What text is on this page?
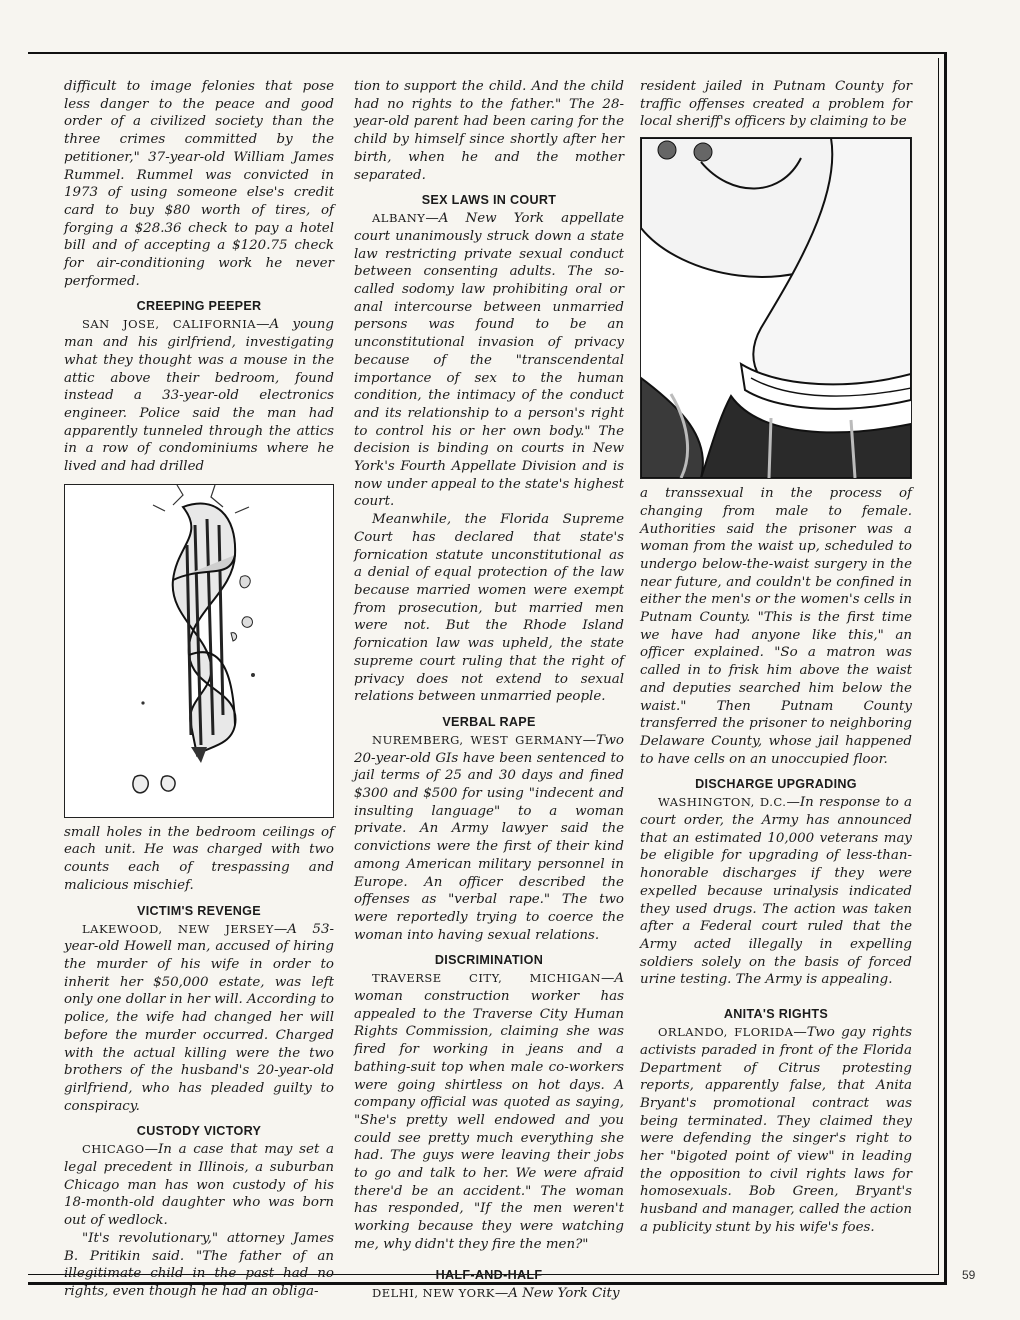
59

difficult to image felonies that pose less danger to the peace and good order of a civilized society than the three crimes committed by the petitioner," 37-year-old William James Rummel. Rummel was convicted in 1973 of using someone else's credit card to buy $80 worth of tires, of forging a $28.36 check to pay a hotel bill and of accepting a $120.75 check for air-conditioning work he never performed.

CREEPING PEEPER

SAN JOSE, CALIFORNIA—A young man and his girlfriend, investigating what they thought was a mouse in the attic above their bedroom, found instead a 33-year-old electronics engineer. Police said the man had apparently tunneled through the attics in a row of condominiums where he lived and had drilled

small holes in the bedroom ceilings of each unit. He was charged with two counts each of trespassing and malicious mischief.

VICTIM'S REVENGE

LAKEWOOD, NEW JERSEY—A 53-year-old Howell man, accused of hiring the murder of his wife in order to inherit her $50,000 estate, was left only one dollar in her will. According to police, the wife had changed her will before the murder occurred. Charged with the actual killing were the two brothers of the husband's 20-year-old girlfriend, who has pleaded guilty to conspiracy.

CUSTODY VICTORY

CHICAGO—In a case that may set a legal precedent in Illinois, a suburban Chicago man has won custody of his 18-month-old daughter who was born out of wedlock.

"It's revolutionary," attorney James B. Pritikin said. "The father of an illegitimate child in the past had no rights, even though he had an obliga-

tion to support the child. And the child had no rights to the father." The 28-year-old parent had been caring for the child by himself since shortly after her birth, when he and the mother separated.

SEX LAWS IN COURT

ALBANY—A New York appellate court unanimously struck down a state law restricting private sexual conduct between consenting adults. The so-called sodomy law prohibiting oral or anal intercourse between unmarried persons was found to be an unconstitutional invasion of privacy because of the "transcendental importance of sex to the human condition, the intimacy of the conduct and its relationship to a person's right to control his or her own body." The decision is binding on courts in New York's Fourth Appellate Division and is now under appeal to the state's highest court.

Meanwhile, the Florida Supreme Court has declared that state's fornication statute unconstitutional as a denial of equal protection of the law because married women were exempt from prosecution, but married men were not. But the Rhode Island fornication law was upheld, the state supreme court ruling that the right of privacy does not extend to sexual relations between unmarried people.

VERBAL RAPE

NUREMBERG, WEST GERMANY—Two 20-year-old GIs have been sentenced to jail terms of 25 and 30 days and fined $300 and $500 for using "indecent and insulting language" to a woman private. An Army lawyer said the convictions were the first of their kind among American military personnel in Europe. An officer described the offenses as "verbal rape." The two were reportedly trying to coerce the woman into having sexual relations.

DISCRIMINATION

TRAVERSE CITY, MICHIGAN—A woman construction worker has appealed to the Traverse City Human Rights Commission, claiming she was fired for working in jeans and a bathing-suit top when male co-workers were going shirtless on hot days. A company official was quoted as saying, "She's pretty well endowed and you could see pretty much everything she had. The guys were leaving their jobs to go and talk to her. We were afraid there'd be an accident." The woman has responded, "If the men weren't working because they were watching me, why didn't they fire the men?"

HALF-AND-HALF

DELHI, NEW YORK—A New York City

resident jailed in Putnam County for traffic offenses created a problem for local sheriff's officers by claiming to be

a transsexual in the process of changing from male to female. Authorities said the prisoner was a woman from the waist up, scheduled to undergo below-the-waist surgery in the near future, and couldn't be confined in either the men's or the women's cells in Putnam County. "This is the first time we have had anyone like this," an officer explained. "So a matron was called in to frisk him above the waist and deputies searched him below the waist." Then Putnam County transferred the prisoner to neighboring Delaware County, whose jail happened to have cells on an unoccupied floor.

DISCHARGE UPGRADING

WASHINGTON, D.C.—In response to a court order, the Army has announced that an estimated 10,000 veterans may be eligible for upgrading of less-than-honorable discharges if they were expelled because urinalysis indicated they used drugs. The action was taken after a Federal court ruled that the Army acted illegally in expelling soldiers solely on the basis of forced urine testing. The Army is appealing.

ANITA'S RIGHTS

ORLANDO, FLORIDA—Two gay rights activists paraded in front of the Florida Department of Citrus protesting reports, apparently false, that Anita Bryant's promotional contract was being terminated. They claimed they were defending the singer's right to her "bigoted point of view" in leading the opposition to civil rights laws for homosexuals. Bob Green, Bryant's husband and manager, called the action a publicity stunt by his wife's foes.
